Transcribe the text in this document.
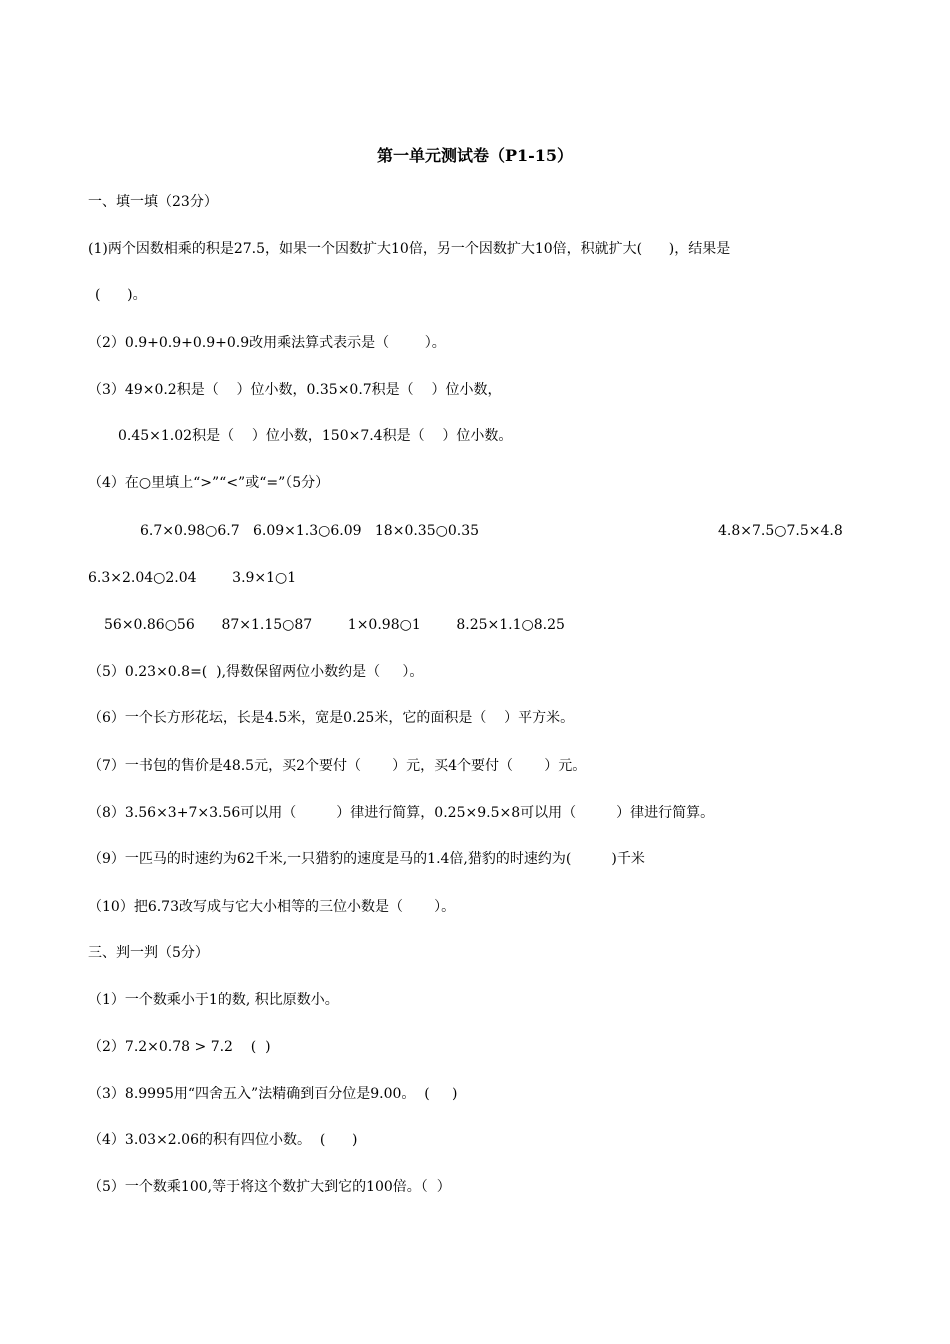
第一单元测试卷（P1-15）
一、填一填（23分）
(1)两个因数相乘的积是27.5，如果一个因数扩大10倍，另一个因数扩大10倍，积就扩大(      )，结果是
(      )。
（2）0.9+0.9+0.9+0.9改用乘法算式表示是（        ）。
（3）49×0.2积是（    ）位小数，0.35×0.7积是（    ）位小数，
0.45×1.02积是（    ）位小数，150×7.4积是（    ）位小数。
（4）在○里填上“>”“<”或“=”（5分）
6.7×0.98○6.7   6.09×1.3○6.09   18×0.35○0.35	4.8×7.5○7.5×4.8
6.3×2.04○2.04        3.9×1○1
56×0.86○56      87×1.15○87        1×0.98○1        8.25×1.1○8.25
（5）0.23×0.8=(  ),得数保留两位小数约是（     ）。
（6）一个长方形花坛，长是4.5米，宽是0.25米，它的面积是（    ）平方米。
（7）一书包的售价是48.5元，买2个要付（       ）元，买4个要付（       ）元。
（8）3.56×3+7×3.56可以用（         ）律进行简算，0.25×9.5×8可以用（         ）律进行简算。
（9）一匹马的时速约为62千米,一只猎豹的速度是马的1.4倍,猎豹的时速约为(         )千米
（10）把6.73改写成与它大小相等的三位小数是（       ）。
三、判一判（5分）
（1）一个数乘小于1的数, 积比原数小。
（2）7.2×0.78 > 7.2    (  )
（3）8.9995用“四舍五入”法精确到百分位是9.00。  (     )
（4）3.03×2.06的积有四位小数。  (      )
（5）一个数乘100,等于将这个数扩大到它的100倍。（  ）
